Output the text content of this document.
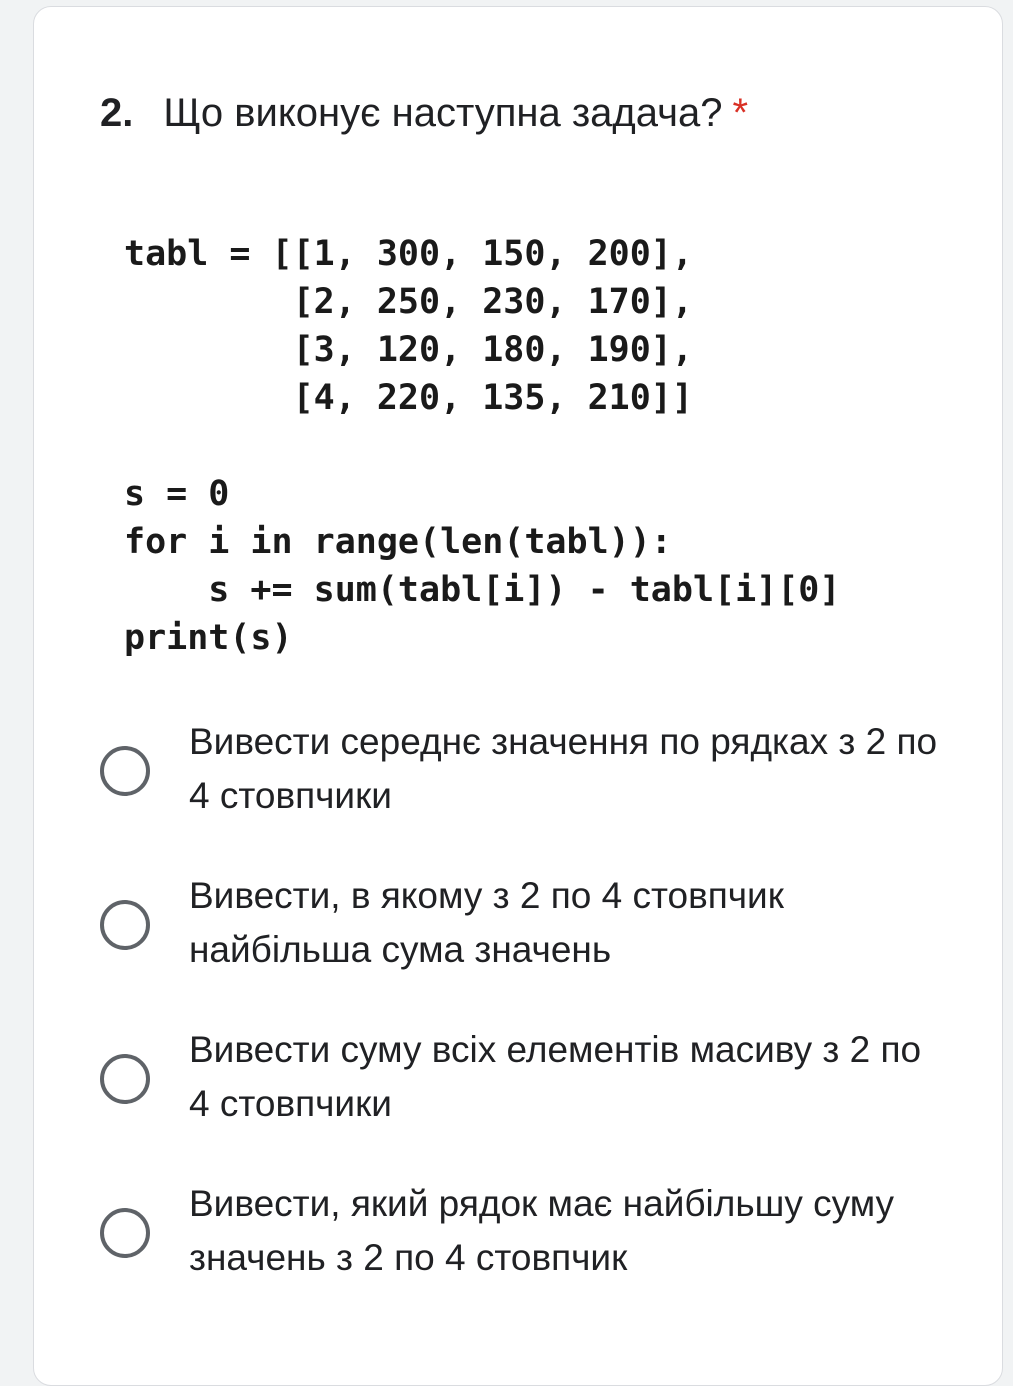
2. Що виконує наступна задача? *
tabl = [[1, 300, 150, 200],
[2, 250, 230, 170],
[3, 120, 180, 190],
[4, 220, 135, 210]]
s = 0
for i in range(len(tabl)):
s += sum(tabl[i]) - tabl[i][0]
print(s)
Вивести середнє значення по рядках з 2 по 4 стовпчики
Вивести, в якому з 2 по 4 стовпчик найбільша сума значень
Вивести суму всіх елементів масиву з 2 по 4 стовпчики
Вивести, який рядок має найбільшу суму значень з 2 по 4 стовпчик
